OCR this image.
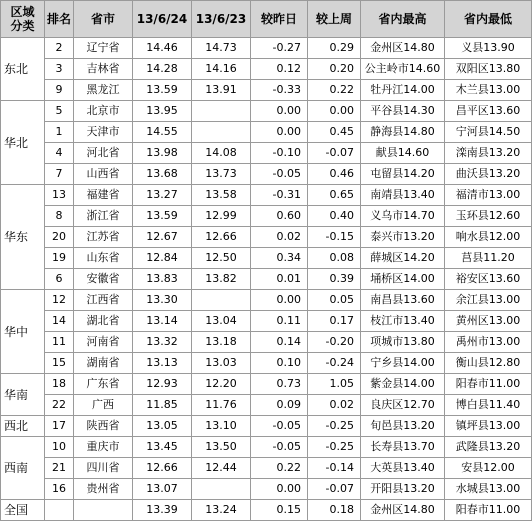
区域分类	排名	省市	13/6/24	13/6/23	较昨日	较上周	省内最高	省内最低
东北	2	辽宁省	14.46	14.73	-0.27	0.29	金州区14.80	义县13.90
	3	吉林省	14.28	14.16	0.12	0.20	公主岭市14.60	双阳区13.80
	9	黑龙江	13.59	13.91	-0.33	0.22	牡丹江14.00	木兰县13.00
华北	5	北京市	13.95		0.00	0.00	平谷县14.30	昌平区13.60
	1	天津市	14.55		0.00	0.45	静海县14.80	宁河县14.50
	4	河北省	13.98	14.08	-0.10	-0.07	献县14.60	滦南县13.20
	7	山西省	13.68	13.73	-0.05	0.46	屯留县14.20	曲沃县13.20
华东	13	福建省	13.27	13.58	-0.31	0.65	南靖县13.40	福清市13.00
	8	浙江省	13.59	12.99	0.60	0.40	义乌市14.70	玉环县12.60
	20	江苏省	12.67	12.66	0.02	-0.15	泰兴市13.20	响水县12.00
	19	山东省	12.84	12.50	0.34	0.08	薛城区14.20	莒县11.20
	6	安徽省	13.83	13.82	0.01	0.39	埇桥区14.00	裕安区13.60
华中	12	江西省	13.30		0.00	0.05	南昌县13.60	余江县13.00
	14	湖北省	13.14	13.04	0.11	0.17	枝江市13.40	黄州区13.00
	11	河南省	13.32	13.18	0.14	-0.20	项城市13.80	禹州市13.00
	15	湖南省	13.13	13.03	0.10	-0.24	宁乡县14.00	衡山县12.80
华南	18	广东省	12.93	12.20	0.73	1.05	紫金县14.00	阳春市11.00
	22	广西	11.85	11.76	0.09	0.02	良庆区12.70	博白县11.40
西北	17	陕西省	13.05	13.10	-0.05	-0.25	旬邑县13.20	镇坪县13.00
西南	10	重庆市	13.45	13.50	-0.05	-0.25	长寿县13.70	武隆县13.20
	21	四川省	12.66	12.44	0.22	-0.14	大英县13.40	安县12.00
	16	贵州省	13.07		0.00	-0.07	开阳县13.20	水城县13.00
全国			13.39	13.24	0.15	0.18	金州区14.80	阳春市11.00
